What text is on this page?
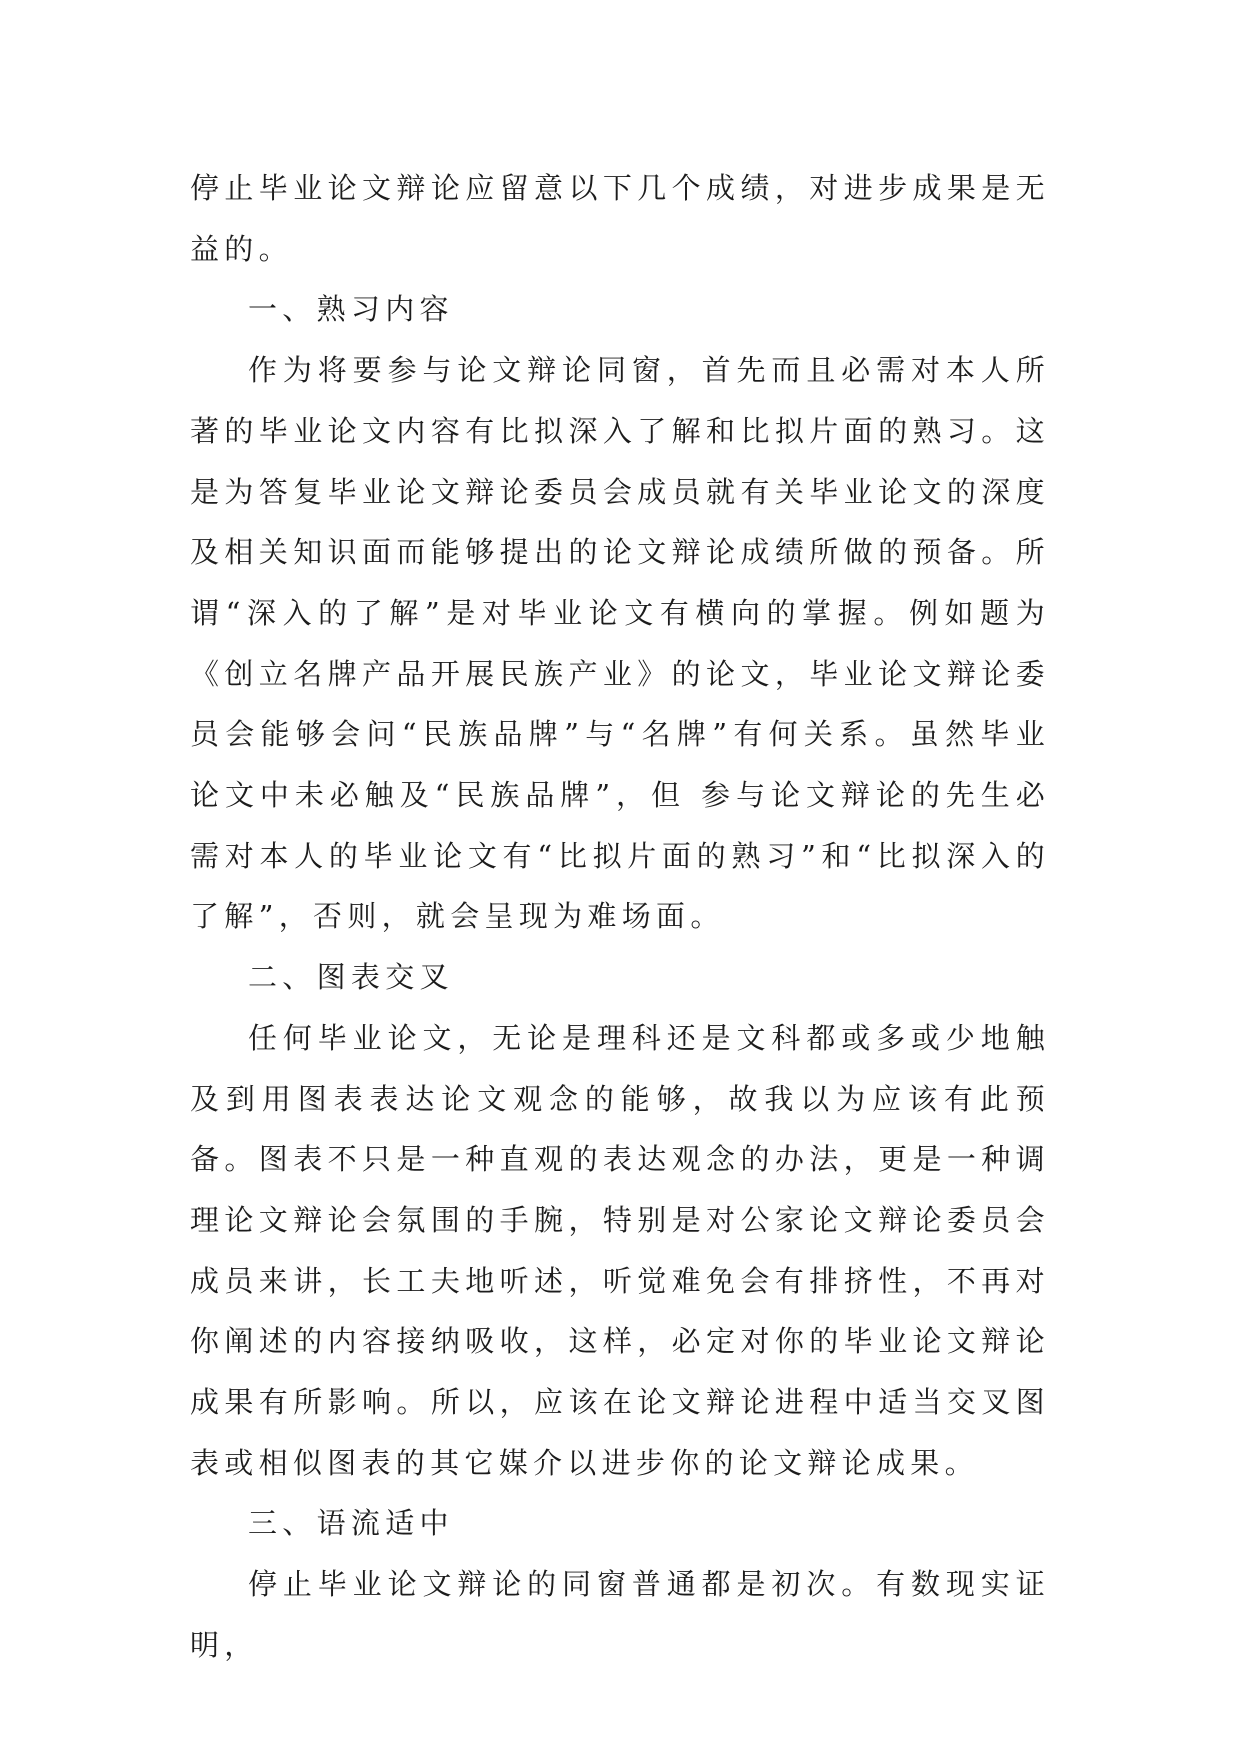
停止毕业论文辩论应留意以下几个成绩，对进步成果是无益的。

一、熟习内容

作为将要参与论文辩论同窗，首先而且必需对本人所著的毕业论文内容有比拟深入了解和比拟片面的熟习。这是为答复毕业论文辩论委员会成员就有关毕业论文的深度及相关知识面而能够提出的论文辩论成绩所做的预备。所谓“深入的了解”是对毕业论文有横向的掌握。例如题为《创立名牌产品开展民族产业》的论文，毕业论文辩论委员会能够会问“民族品牌”与“名牌”有何关系。虽然毕业论文中未必触及“民族品牌”，但 参与论文辩论的先生必需对本人的毕业论文有“比拟片面的熟习”和“比拟深入的了解”，否则，就会呈现为难场面。

二、图表交叉

任何毕业论文，无论是理科还是文科都或多或少地触及到用图表表达论文观念的能够，故我以为应该有此预备。图表不只是一种直观的表达观念的办法，更是一种调理论文辩论会氛围的手腕，特别是对公家论文辩论委员会成员来讲，长工夫地听述，听觉难免会有排挤性，不再对你阐述的内容接纳吸收，这样，必定对你的毕业论文辩论成果有所影响。所以，应该在论文辩论进程中适当交叉图表或相似图表的其它媒介以进步你的论文辩论成果。

三、语流适中

停止毕业论文辩论的同窗普通都是初次。有数现实证明，
